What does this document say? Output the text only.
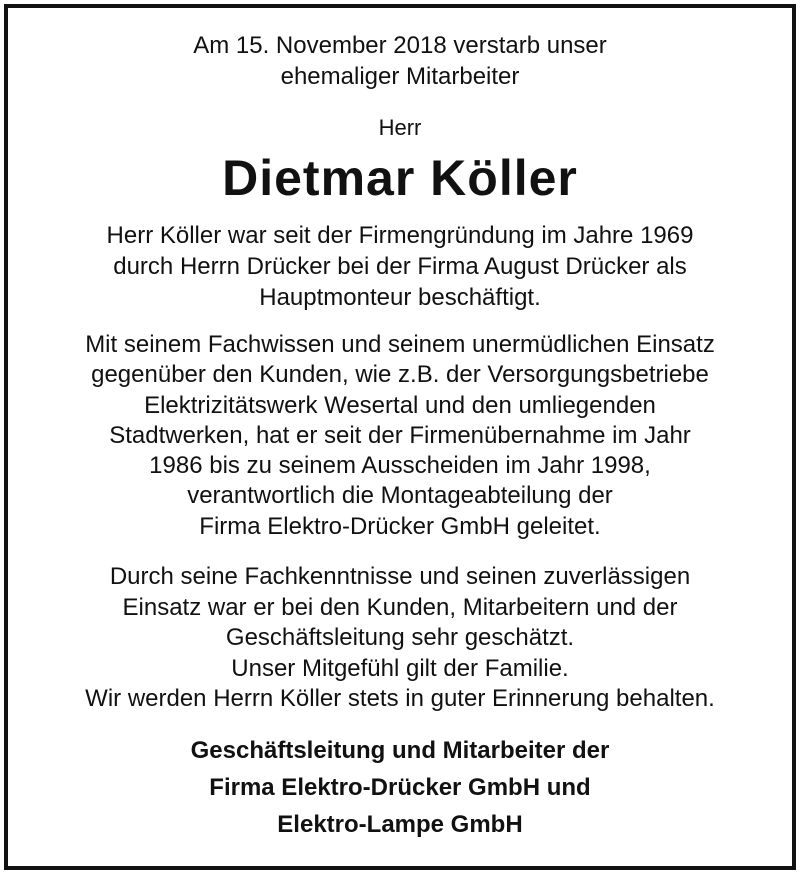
Am 15. November 2018 verstarb unser
ehemaliger Mitarbeiter
Herr
Dietmar Köller
Herr Köller war seit der Firmengründung im Jahre 1969
durch Herrn Drücker bei der Firma August Drücker als
Hauptmonteur beschäftigt.
Mit seinem Fachwissen und seinem unermüdlichen Einsatz
gegenüber den Kunden, wie z.B. der Versorgungsbetriebe
Elektrizitätswerk Wesertal und den umliegenden
Stadtwerken, hat er seit der Firmenübernahme im Jahr
1986 bis zu seinem Ausscheiden im Jahr 1998,
verantwortlich die Montageabteilung der
Firma Elektro-Drücker GmbH geleitet.
Durch seine Fachkenntnisse und seinen zuverlässigen
Einsatz war er bei den Kunden, Mitarbeitern und der
Geschäftsleitung sehr geschätzt.
Unser Mitgefühl gilt der Familie.
Wir werden Herrn Köller stets in guter Erinnerung behalten.
Geschäftsleitung und Mitarbeiter der
Firma Elektro-Drücker GmbH und
Elektro-Lampe GmbH
